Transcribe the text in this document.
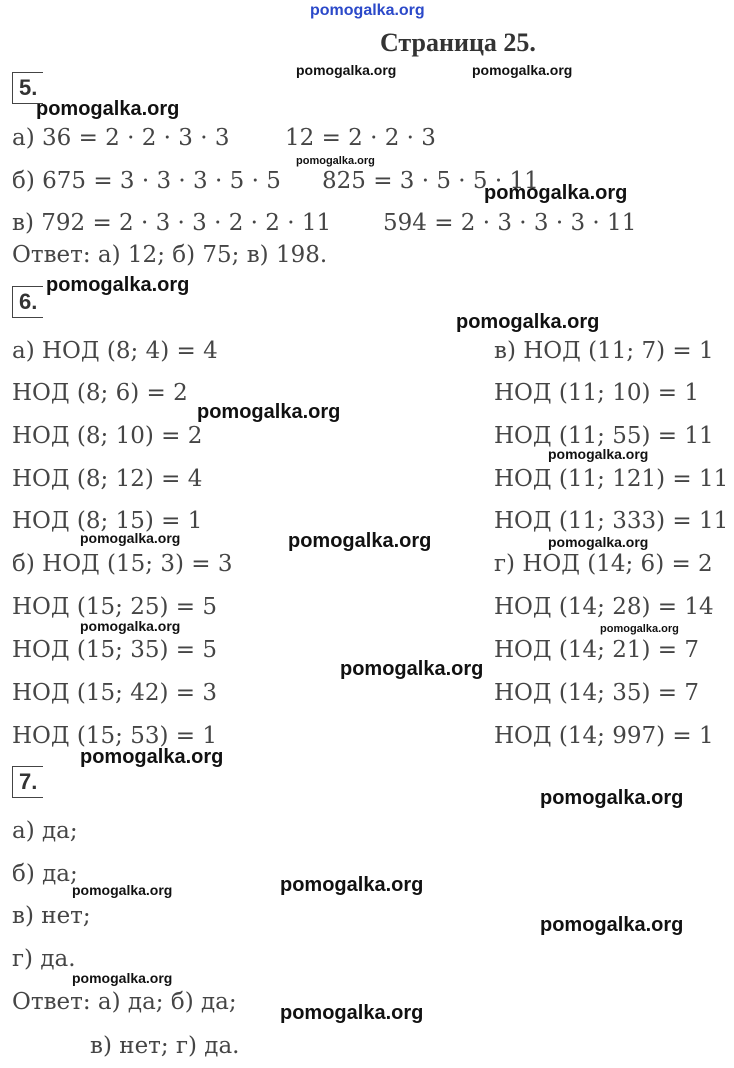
pomogalka.org
Страница 25.
5.
а) 36 = 2 · 2 · 3 · 3 12 = 2 · 2 · 3
б) 675 = 3 · 3 · 3 · 5 · 5 825 = 3 · 5 · 5 · 11
в) 792 = 2 · 3 · 3 · 2 · 2 · 11 594 = 2 · 3 · 3 · 3 · 11
Ответ: а) 12; б) 75; в) 198.
6.
а) НОД (8; 4) = 4
НОД (8; 6) = 2
НОД (8; 10) = 2
НОД (8; 12) = 4
НОД (8; 15) = 1
б) НОД (15; 3) = 3
НОД (15; 25) = 5
НОД (15; 35) = 5
НОД (15; 42) = 3
НОД (15; 53) = 1
в) НОД (11; 7) = 1
НОД (11; 10) = 1
НОД (11; 55) = 11
НОД (11; 121) = 11
НОД (11; 333) = 11
г) НОД (14; 6) = 2
НОД (14; 28) = 14
НОД (14; 21) = 7
НОД (14; 35) = 7
НОД (14; 997) = 1
7.
а) да;
б) да;
в) нет;
г) да.
Ответ: а) да; б) да;
в) нет; г) да.
pomogalka.org	pomogalka.org
pomogalka.org
pomogalka.org
pomogalka.org
pomogalka.org
pomogalka.org
pomogalka.org
pomogalka.org
pomogalka.org	pomogalka.org	pomogalka.org
pomogalka.org	pomogalka.org
pomogalka.org
pomogalka.org
pomogalka.org
pomogalka.org
pomogalka.org
pomogalka.org
pomogalka.org
pomogalka.org
